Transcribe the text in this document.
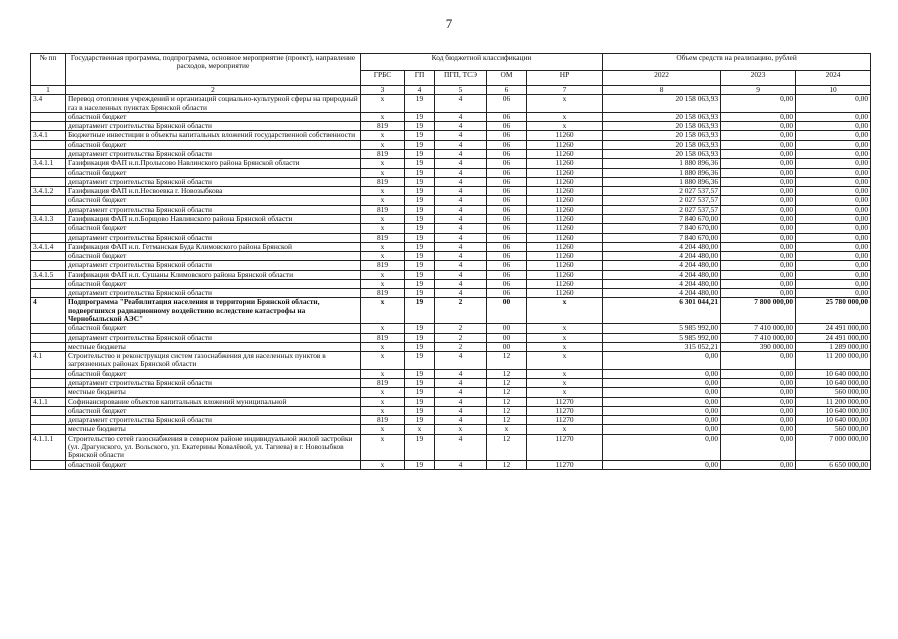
7
№ пп	Государственная программа, подпрограмма, основное мероприятие (проект), направление расходов, мероприятие	Код бюджетной классификации					Объем средств на реализацию, рублей		
		ГРБС	ГП	ПГП, ТСЭ	ОМ	НР	2022	2023	2024
1	2	3	4	5	6	7	8	9	10
3.4	Перевод отопления учреждений и организаций социально-культурной сферы на природный газ в населенных пунктах Брянской области	х	19	4	06	х	20 158 063,93	0,00	0,00
	областной бюджет	х	19	4	06	х	20 158 063,93	0,00	0,00
	департамент строительства Брянской области	819	19	4	06	х	20 158 063,93	0,00	0,00
3.4.1	Бюджетные инвестиции в объекты капитальных вложений государственной собственности	х	19	4	06	11260	20 158 063,93	0,00	0,00
	областной бюджет	х	19	4	06	11260	20 158 063,93	0,00	0,00
	департамент строительства Брянской области	819	19	4	06	11260	20 158 063,93	0,00	0,00
3.4.1.1	Газификация ФАП н.п.Пролысово Навлинского района Брянской области	х	19	4	06	11260	1 880 896,36	0,00	0,00
	областной бюджет	х	19	4	06	11260	1 880 896,36	0,00	0,00
	департамент строительства Брянской области	819	19	4	06	11260	1 880 896,36	0,00	0,00
3.4.1.2	Газификация ФАП н.п.Несвоевка г. Новозыбкова	х	19	4	06	11260	2 027 537,57	0,00	0,00
	областной бюджет	х	19	4	06	11260	2 027 537,57	0,00	0,00
	департамент строительства Брянской области	819	19	4	06	11260	2 027 537,57	0,00	0,00
3.4.1.3	Газификация ФАП н.п.Борщово Навлинского района Брянской области	х	19	4	06	11260	7 840 670,00	0,00	0,00
	областной бюджет	х	19	4	06	11260	7 840 670,00	0,00	0,00
	департамент строительства Брянской области	819	19	4	06	11260	7 840 670,00	0,00	0,00
3.4.1.4	Газификация ФАП н.п. Гетманская Буда Климовского района Брянской	х	19	4	06	11260	4 204 480,00	0,00	0,00
	областной бюджет	х	19	4	06	11260	4 204 480,00	0,00	0,00
	департамент строительства Брянской области	819	19	4	06	11260	4 204 480,00	0,00	0,00
3.4.1.5	Газификация ФАП н.п. Сушаны Климовского района Брянской области	х	19	4	06	11260	4 204 480,00	0,00	0,00
	областной бюджет	х	19	4	06	11260	4 204 480,00	0,00	0,00
	департамент строительства Брянской области	819	19	4	06	11260	4 204 480,00	0,00	0,00
4	Подпрограмма "Реабилитация населения и территории Брянской области, подвергшихся радиационному воздействию вследствие катастрофы на Чернобыльской АЭС"	х	19	2	00	х	6 301 044,21	7 800 000,00	25 780 000,00
	областной бюджет	х	19	2	00	х	5 985 992,00	7 410 000,00	24 491 000,00
	департамент строительства Брянской области	819	19	2	00	х	5 985 992,00	7 410 000,00	24 491 000,00
	местные бюджеты	х	19	2	00	х	315 052,21	390 000,00	1 289 000,00
4.1	Строительство и реконструкция систем газоснабжения для населенных пунктов в загрязненных районах Брянской области	х	19	4	12	х	0,00	0,00	11 200 000,00
	областной бюджет	х	19	4	12	х	0,00	0,00	10 640 000,00
	департамент строительства Брянской области	819	19	4	12	х	0,00	0,00	10 640 000,00
	местные бюджеты	х	19	4	12	х	0,00	0,00	560 000,00
4.1.1	Софинансирование объектов капитальных вложений муниципальной	х	19	4	12	11270	0,00	0,00	11 200 000,00
	областной бюджет	х	19	4	12	11270	0,00	0,00	10 640 000,00
	департамент строительства Брянской области	819	19	4	12	11270	0,00	0,00	10 640 000,00
	местные бюджеты	х	х	х	х	х	0,00	0,00	560 000,00
4.1.1.1	Строительство сетей газоснабжения в северном районе индивидуальной жилой застройки (ул. Драгунского, ул. Вольского, ул. Екатерины Ковалёвой, ул. Тагиева) в г. Новозыбков Брянской области	х	19	4	12	11270	0,00	0,00	7 000 000,00
	областной бюджет	х	19	4	12	11270	0,00	0,00	6 650 000,00
